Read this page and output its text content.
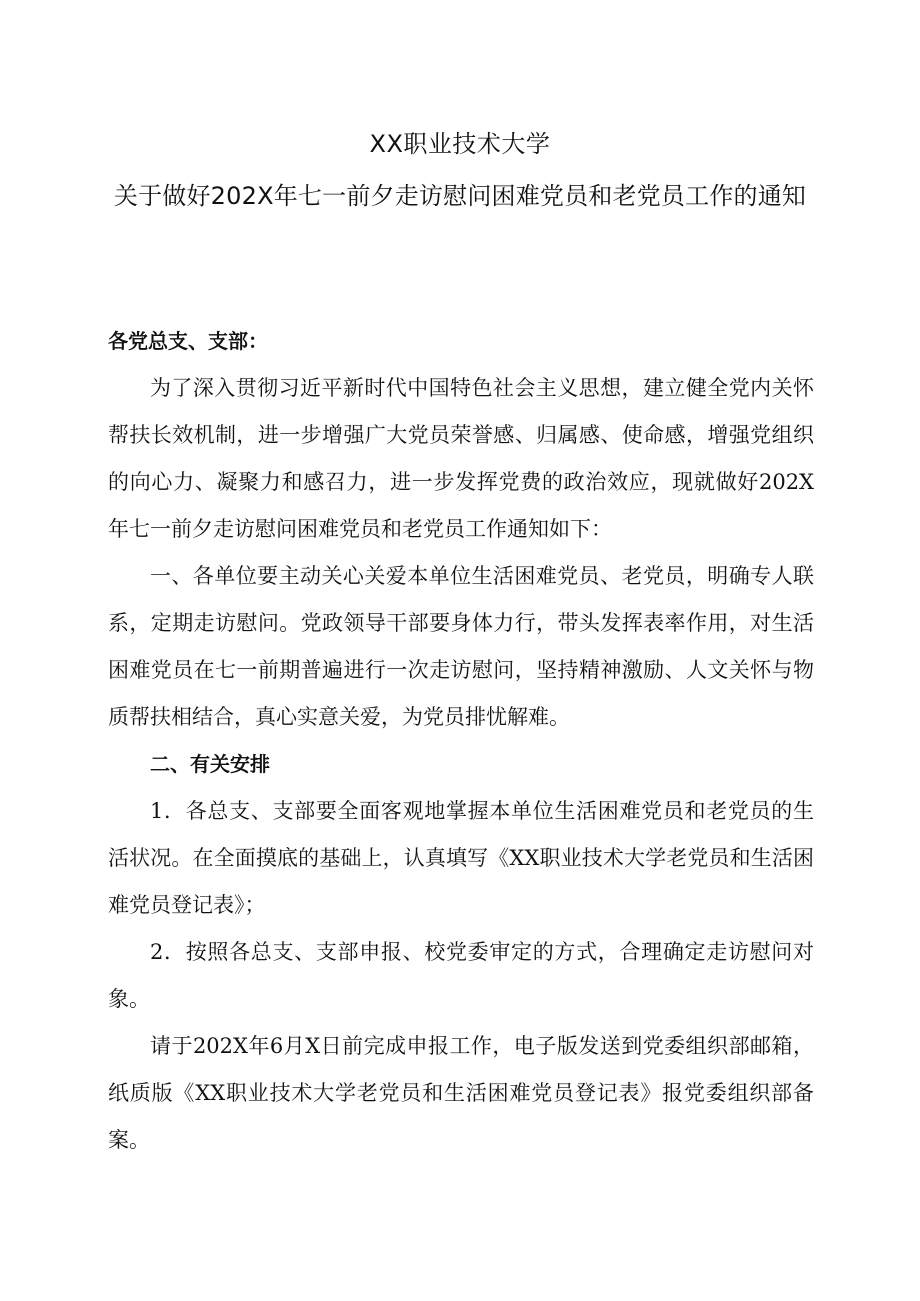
XX职业技术大学
关于做好202X年七一前夕走访慰问困难党员和老党员工作的通知

各党总支、支部：

为了深入贯彻习近平新时代中国特色社会主义思想，建立健全党内关怀帮扶长效机制，进一步增强广大党员荣誉感、归属感、使命感，增强党组织的向心力、凝聚力和感召力，进一步发挥党费的政治效应，现就做好202X年七一前夕走访慰问困难党员和老党员工作通知如下：

一、各单位要主动关心关爱本单位生活困难党员、老党员，明确专人联系，定期走访慰问。党政领导干部要身体力行，带头发挥表率作用，对生活困难党员在七一前期普遍进行一次走访慰问，坚持精神激励、人文关怀与物质帮扶相结合，真心实意关爱，为党员排忧解难。

二、有关安排

1．各总支、支部要全面客观地掌握本单位生活困难党员和老党员的生活状况。在全面摸底的基础上，认真填写《XX职业技术大学老党员和生活困难党员登记表》；

2．按照各总支、支部申报、校党委审定的方式，合理确定走访慰问对象。

请于202X年6月X日前完成申报工作，电子版发送到党委组织部邮箱，纸质版《XX职业技术大学老党员和生活困难党员登记表》报党委组织部备案。
